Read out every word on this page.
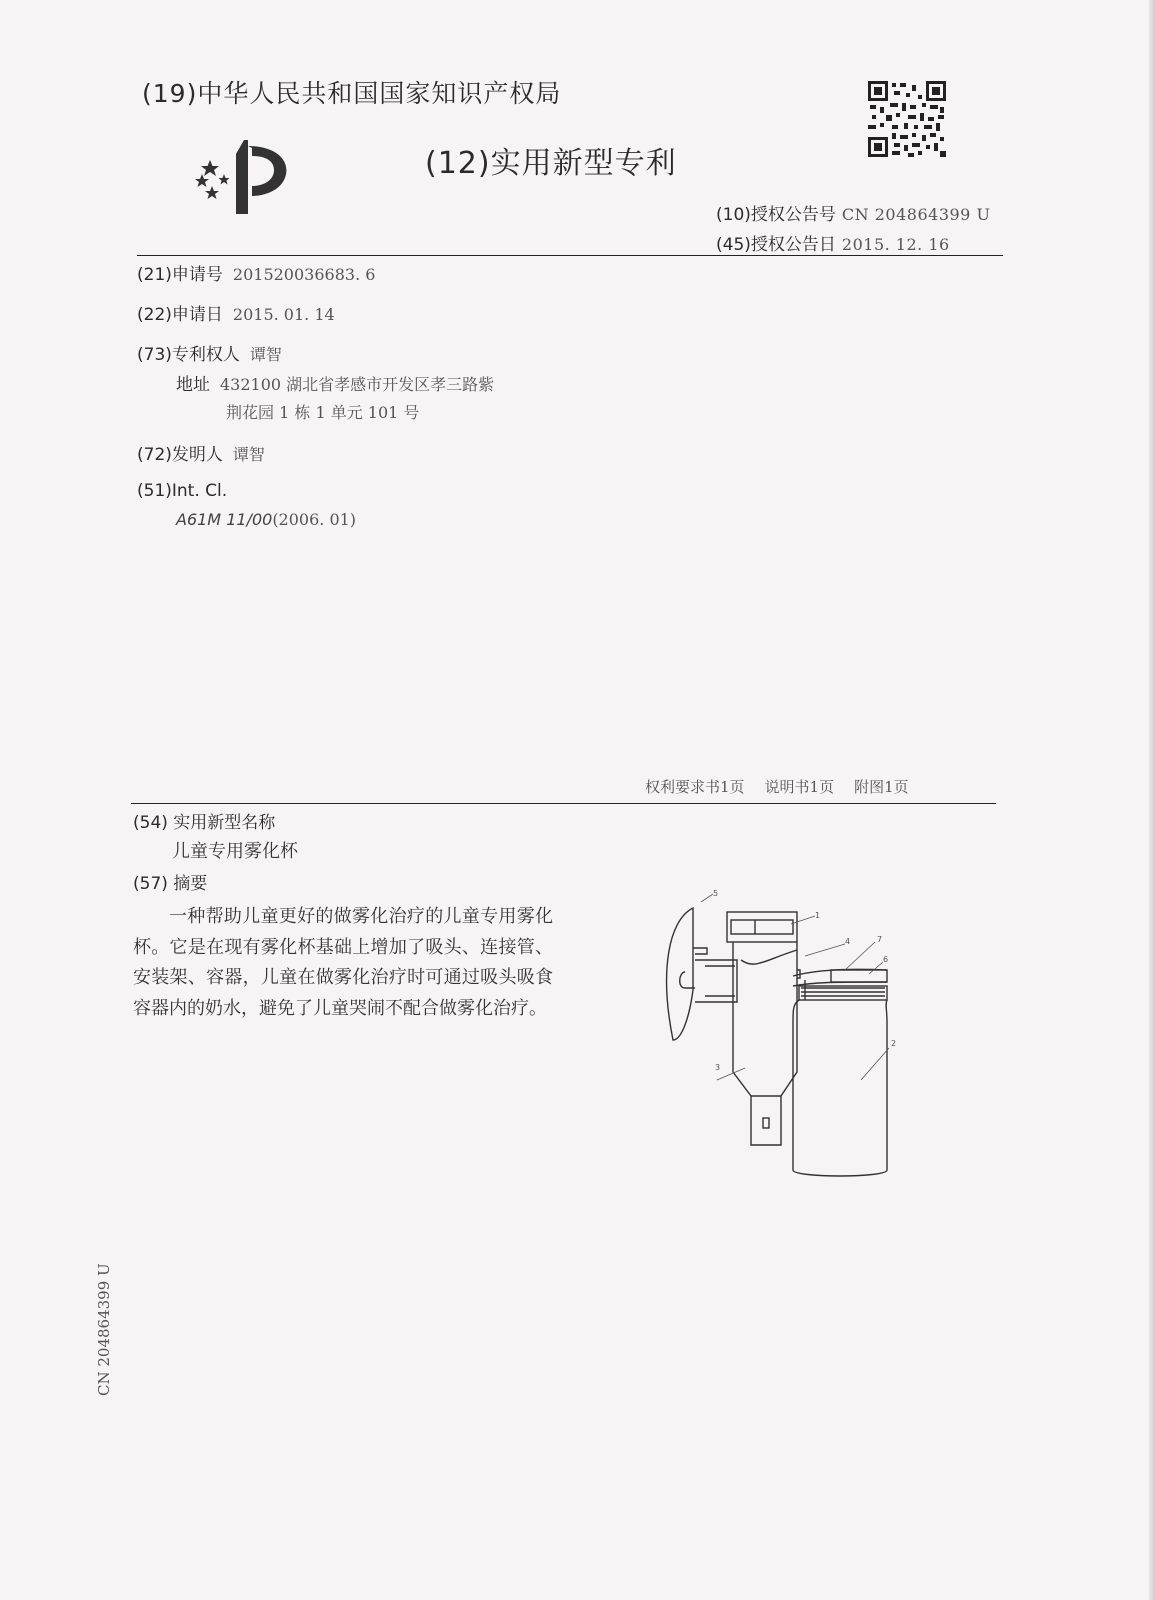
(19)中华人民共和国国家知识产权局
(12)实用新型专利
(10)授权公告号 CN 204864399 U
(45)授权公告日 2015. 12. 16
(21)申请号 201520036683. 6
(22)申请日 2015. 01. 14
(73)专利权人 谭智
地址 432100 湖北省孝感市开发区孝三路紫
荆花园 1 栋 1 单元 101 号
(72)发明人 谭智
(51)Int. Cl.
A61M 11/00(2006. 01)
权利要求书1页 说明书1页 附图1页
(54) 实用新型名称
儿童专用雾化杯
(57) 摘要
一种帮助儿童更好的做雾化治疗的儿童专用雾化杯。它是在现有雾化杯基础上增加了吸头、连接管、安装架、容器，儿童在做雾化治疗时可通过吸头吸食容器内的奶水，避免了儿童哭闹不配合做雾化治疗。
5
1
4	7
6
3
2
CN 204864399 U
